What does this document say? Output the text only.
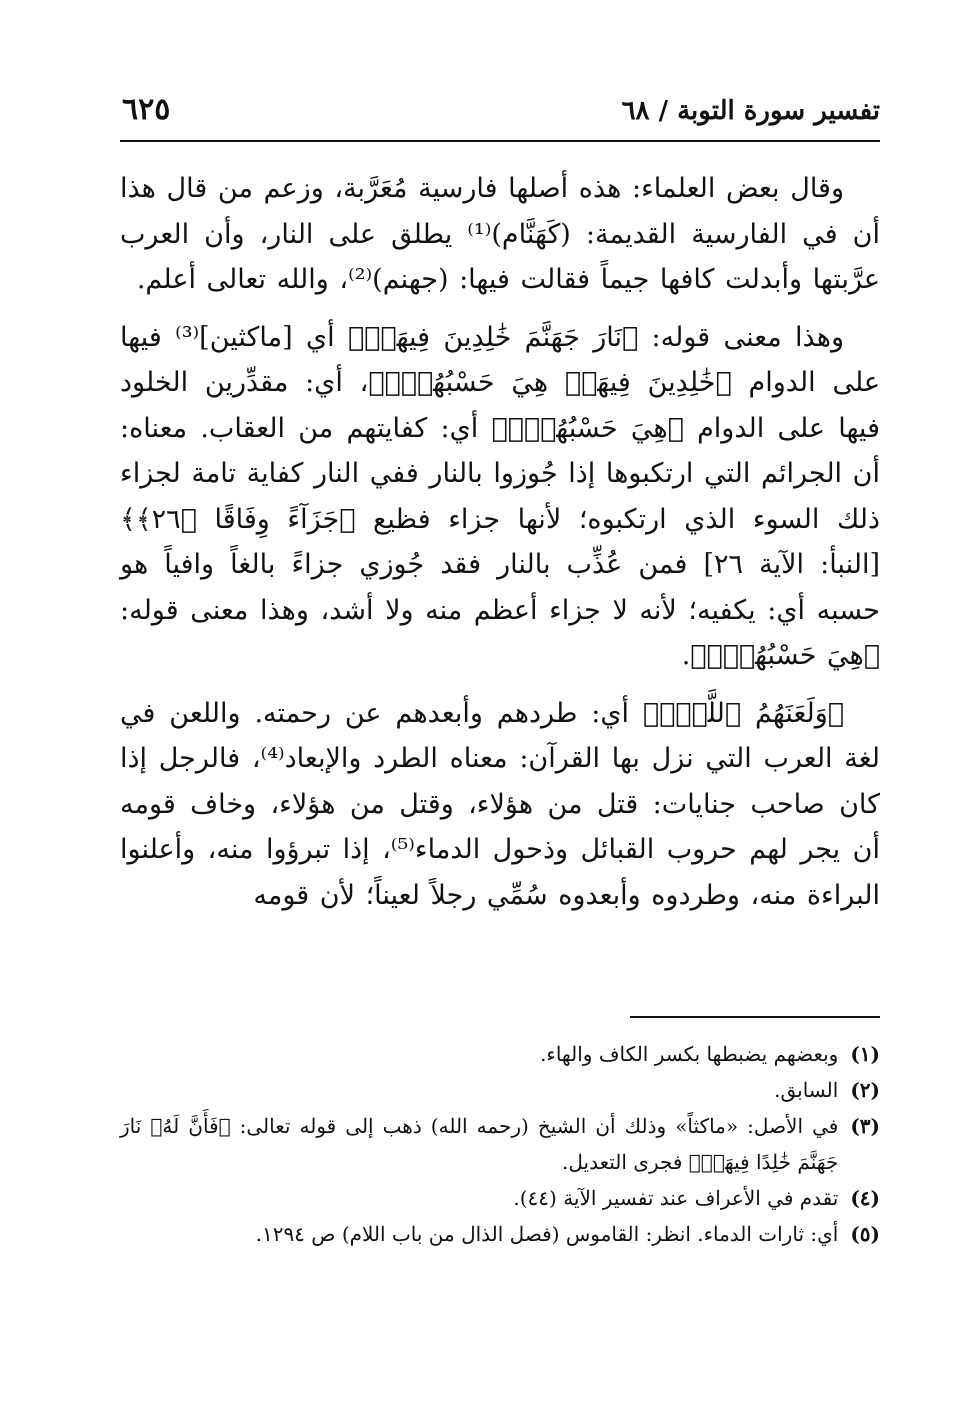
تفسير سورة التوبة / ٦٨
٦٢٥

وقال بعض العلماء: هذه أصلها فارسية مُعَرَّبة، وزعم من قال هذا أن في الفارسية القديمة: (كَهَنَّام)⁽¹⁾ يطلق على النار، وأن العرب عرَّبتها وأبدلت كافها جيماً فقالت فيها: (جهنم)⁽²⁾، والله تعالى أعلم.

وهذا معنى قوله: ﴿نَارَ جَهَنَّمَ خَٰلِدِينَ فِيهَاۚ﴾ أي [ماكثين]⁽³⁾ فيها على الدوام ﴿خَٰلِدِينَ فِيهَاۚ هِيَ حَسْبُهُمْۚ﴾، أي: مقدِّرين الخلود فيها على الدوام ﴿هِيَ حَسْبُهُمْۚ﴾ أي: كفايتهم من العقاب. معناه: أن الجرائم التي ارتكبوها إذا جُوزوا بالنار ففي النار كفاية تامة لجزاء ذلك السوء الذي ارتكبوه؛ لأنها جزاء فظيع ﴿جَزَآءً وِفَاقًا ﴿٢٦﴾﴾ [النبأ: الآية ٢٦] فمن عُذِّب بالنار فقد جُوزي جزاءً بالغاً وافياً هو حسبه أي: يكفيه؛ لأنه لا جزاء أعظم منه ولا أشد، وهذا معنى قوله: ﴿هِيَ حَسْبُهُمْۚ﴾.

﴿وَلَعَنَهُمُ ٱللَّهُۖ﴾ أي: طردهم وأبعدهم عن رحمته. واللعن في لغة العرب التي نزل بها القرآن: معناه الطرد والإبعاد⁽⁴⁾، فالرجل إذا كان صاحب جنايات: قتل من هؤلاء، وقتل من هؤلاء، وخاف قومه أن يجر لهم حروب القبائل وذحول الدماء⁽⁵⁾، إذا تبرؤوا منه، وأعلنوا البراءة منه، وطردوه وأبعدوه سُمِّي رجلاً لعيناً؛ لأن قومه

(١)
وبعضهم يضبطها بكسر الكاف والهاء.
(٢)
السابق.
(٣)
في الأصل: «ماكثاً» وذلك أن الشيخ (رحمه الله) ذهب إلى قوله تعالى: ﴿فَأَنَّ لَهُۥ نَارَ جَهَنَّمَ خَٰلِدًا فِيهَاۚ﴾ فجرى التعديل.
(٤)
تقدم في الأعراف عند تفسير الآية (٤٤).
(٥)
أي: ثارات الدماء. انظر: القاموس (فصل الذال من باب اللام) ص ١٢٩٤.
